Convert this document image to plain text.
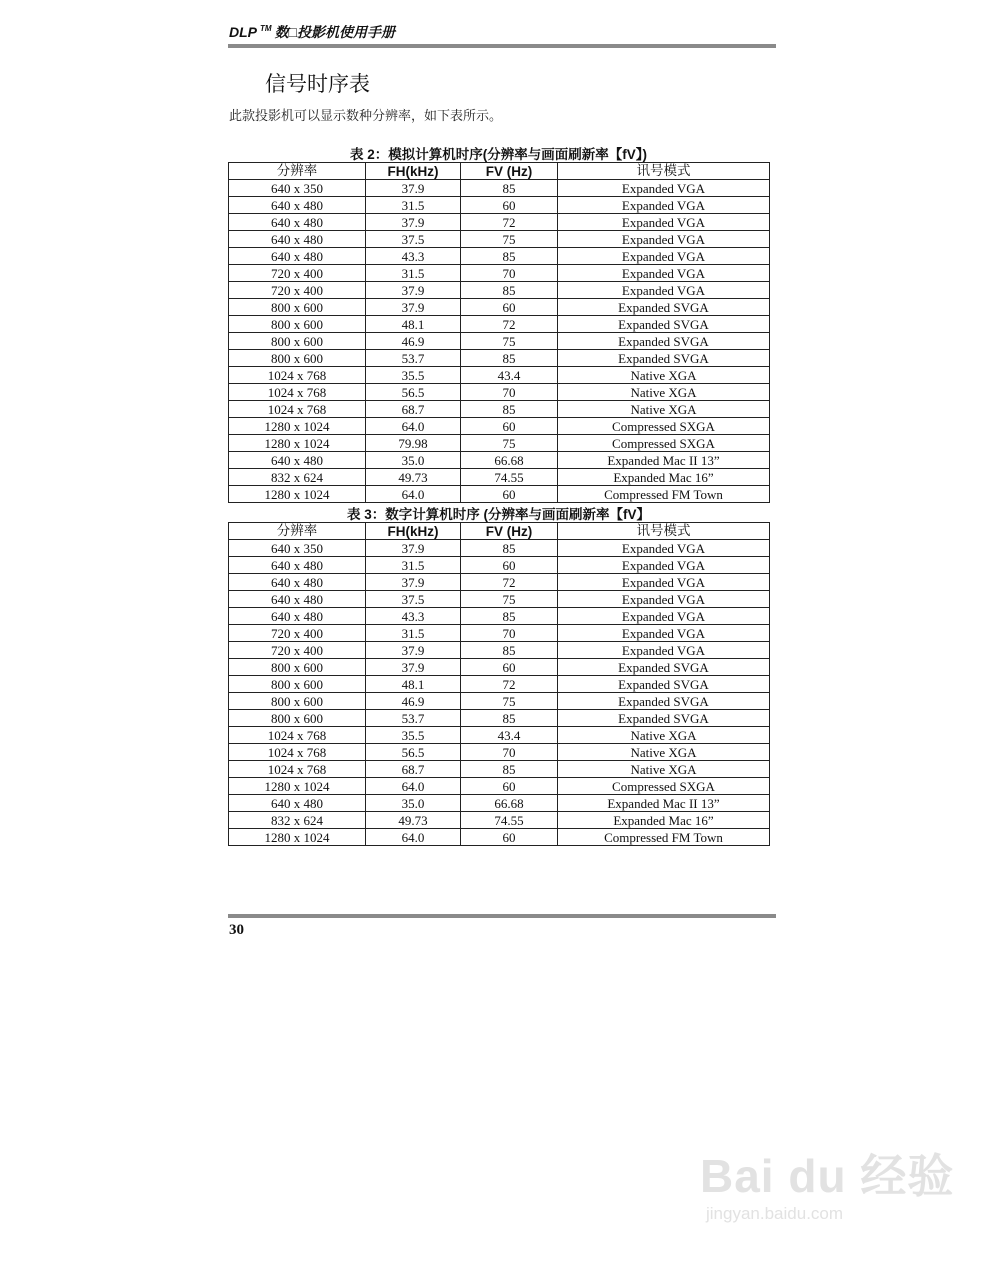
DLP ™ 数□投影机使用手册
信号时序表
此款投影机可以显示数种分辨率，如下表所示。
表 2：模拟计算机时序(分辨率与画面刷新率【fV】)
分辨率	FH(kHz)	FV (Hz)	讯号模式
640 x 350	37.9	85	Expanded VGA
640 x 480	31.5	60	Expanded VGA
640 x 480	37.9	72	Expanded VGA
640 x 480	37.5	75	Expanded VGA
640 x 480	43.3	85	Expanded VGA
720 x 400	31.5	70	Expanded VGA
720 x 400	37.9	85	Expanded VGA
800 x 600	37.9	60	Expanded SVGA
800 x 600	48.1	72	Expanded SVGA
800 x 600	46.9	75	Expanded SVGA
800 x 600	53.7	85	Expanded SVGA
1024 x 768	35.5	43.4	Native XGA
1024 x 768	56.5	70	Native XGA
1024 x 768	68.7	85	Native XGA
1280 x 1024	64.0	60	Compressed SXGA
1280 x 1024	79.98	75	Compressed SXGA
640 x 480	35.0	66.68	Expanded Mac II 13”
832 x 624	49.73	74.55	Expanded Mac 16”
1280 x 1024	64.0	60	Compressed FM Town
表 3：数字计算机时序 (分辨率与画面刷新率【fV】
分辨率	FH(kHz)	FV (Hz)	讯号模式
640 x 350	37.9	85	Expanded VGA
640 x 480	31.5	60	Expanded VGA
640 x 480	37.9	72	Expanded VGA
640 x 480	37.5	75	Expanded VGA
640 x 480	43.3	85	Expanded VGA
720 x 400	31.5	70	Expanded VGA
720 x 400	37.9	85	Expanded VGA
800 x 600	37.9	60	Expanded SVGA
800 x 600	48.1	72	Expanded SVGA
800 x 600	46.9	75	Expanded SVGA
800 x 600	53.7	85	Expanded SVGA
1024 x 768	35.5	43.4	Native XGA
1024 x 768	56.5	70	Native XGA
1024 x 768	68.7	85	Native XGA
1280 x 1024	64.0	60	Compressed SXGA
640 x 480	35.0	66.68	Expanded Mac II 13”
832 x 624	49.73	74.55	Expanded Mac 16”
1280 x 1024	64.0	60	Compressed FM Town
30
Bai du 经验
jingyan.baidu.com
